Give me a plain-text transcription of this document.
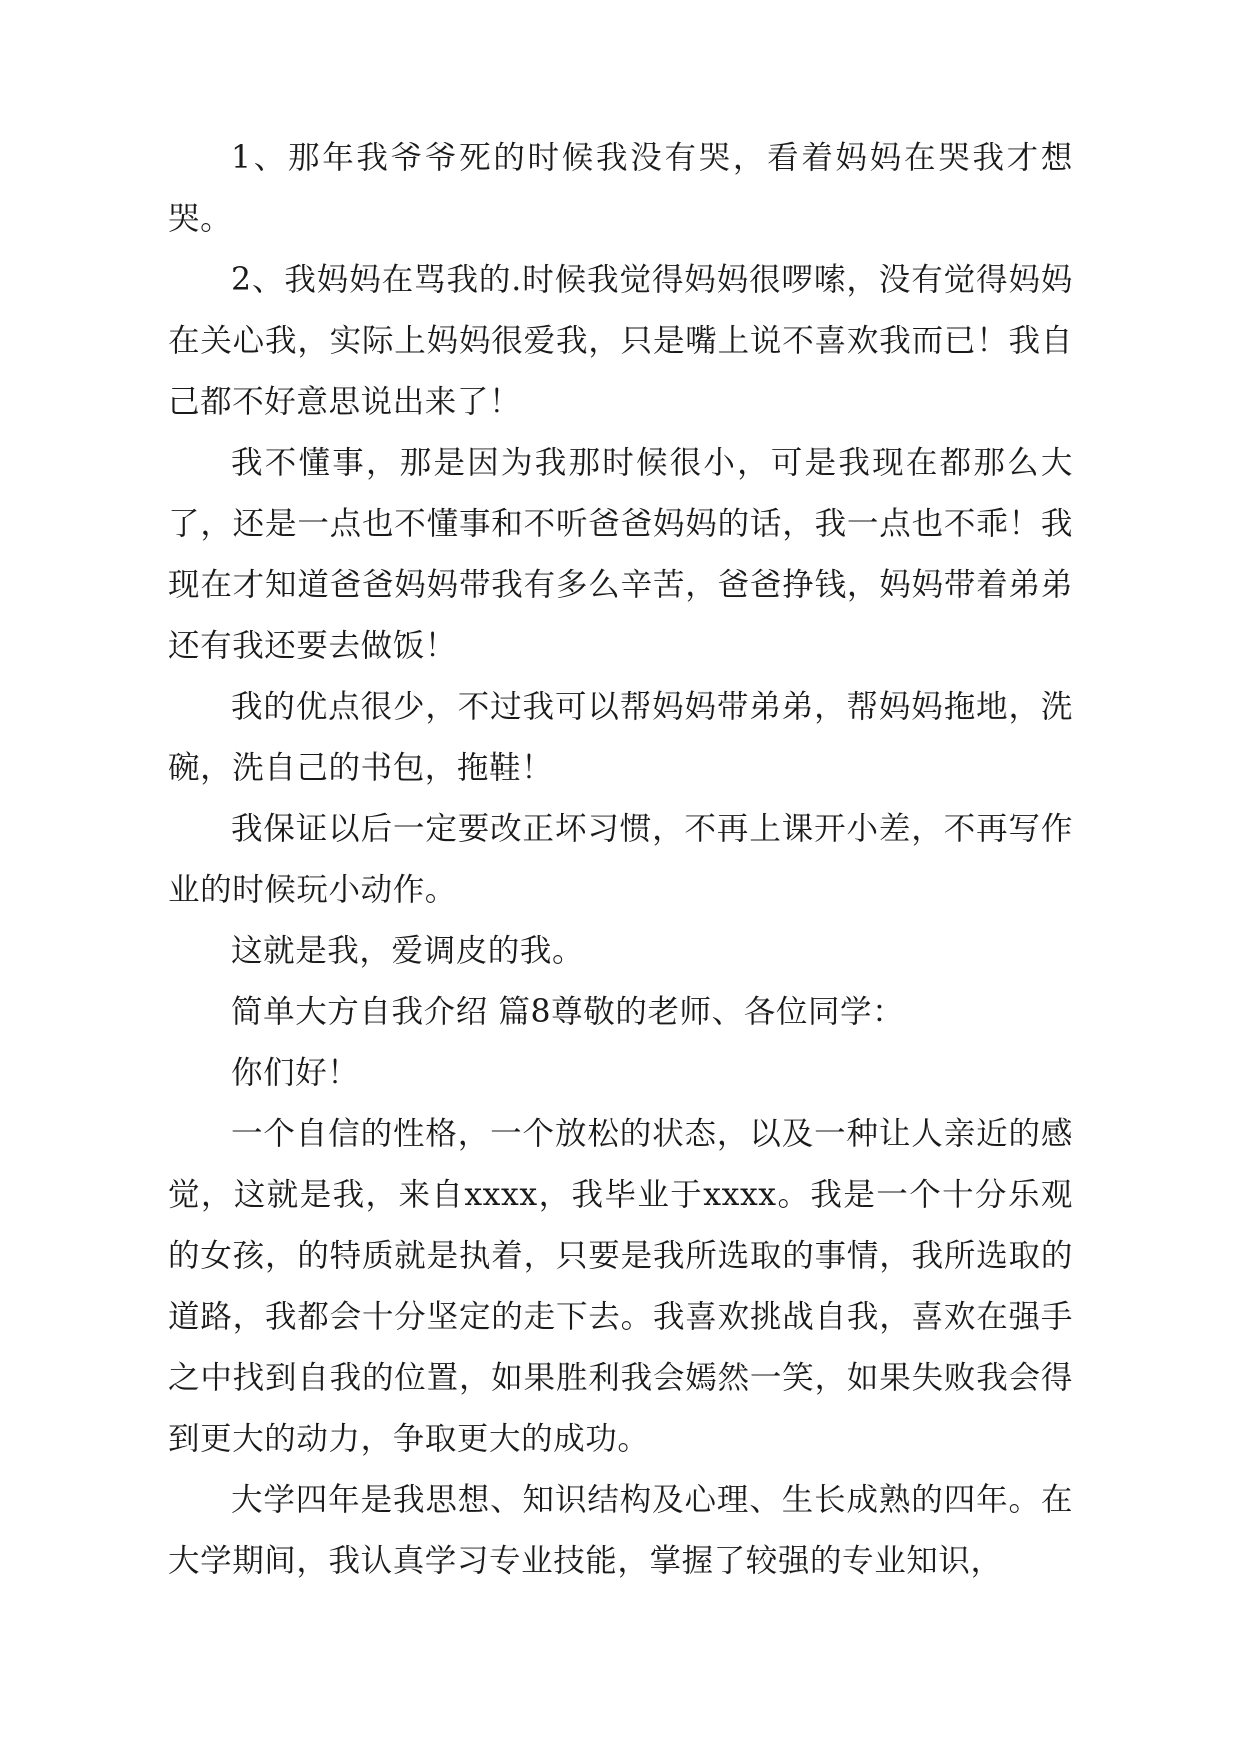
1、那年我爷爷死的时候我没有哭，看着妈妈在哭我才想哭。

2、我妈妈在骂我的.时候我觉得妈妈很啰嗦，没有觉得妈妈在关心我，实际上妈妈很爱我，只是嘴上说不喜欢我而已！我自己都不好意思说出来了！

我不懂事，那是因为我那时候很小，可是我现在都那么大了，还是一点也不懂事和不听爸爸妈妈的话，我一点也不乖！我现在才知道爸爸妈妈带我有多么辛苦，爸爸挣钱，妈妈带着弟弟还有我还要去做饭！

我的优点很少，不过我可以帮妈妈带弟弟，帮妈妈拖地，洗碗，洗自己的书包，拖鞋！

我保证以后一定要改正坏习惯，不再上课开小差，不再写作业的时候玩小动作。

这就是我，爱调皮的我。

简单大方自我介绍 篇8尊敬的老师、各位同学：

你们好！

一个自信的性格，一个放松的状态，以及一种让人亲近的感觉，这就是我，来自xxxx，我毕业于xxxx。我是一个十分乐观的女孩，的特质就是执着，只要是我所选取的事情，我所选取的道路，我都会十分坚定的走下去。我喜欢挑战自我，喜欢在强手之中找到自我的位置，如果胜利我会嫣然一笑，如果失败我会得到更大的动力，争取更大的成功。

大学四年是我思想、知识结构及心理、生长成熟的四年。在大学期间，我认真学习专业技能，掌握了较强的专业知识，
